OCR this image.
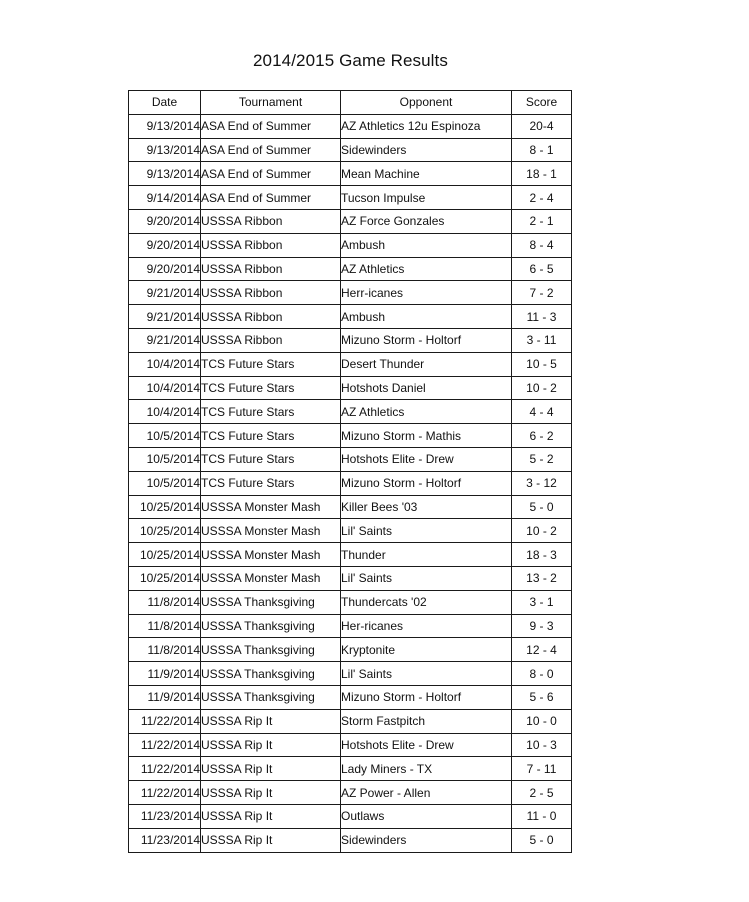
2014/2015 Game Results
Date	Tournament	Opponent	Score
9/13/2014	ASA End of Summer	AZ Athletics 12u Espinoza	20-4
9/13/2014	ASA End of Summer	Sidewinders	8 - 1
9/13/2014	ASA End of Summer	Mean Machine	18 - 1
9/14/2014	ASA End of Summer	Tucson Impulse	2 - 4
9/20/2014	USSSA Ribbon	AZ Force Gonzales	2 - 1
9/20/2014	USSSA Ribbon	Ambush	8 - 4
9/20/2014	USSSA Ribbon	AZ Athletics	6 - 5
9/21/2014	USSSA Ribbon	Herr-icanes	7 - 2
9/21/2014	USSSA Ribbon	Ambush	11 - 3
9/21/2014	USSSA Ribbon	Mizuno Storm - Holtorf	3 - 11
10/4/2014	TCS Future Stars	Desert Thunder	10 - 5
10/4/2014	TCS Future Stars	Hotshots Daniel	10 - 2
10/4/2014	TCS Future Stars	AZ Athletics	4 - 4
10/5/2014	TCS Future Stars	Mizuno Storm - Mathis	6 - 2
10/5/2014	TCS Future Stars	Hotshots Elite - Drew	5 - 2
10/5/2014	TCS Future Stars	Mizuno Storm - Holtorf	3 - 12
10/25/2014	USSSA Monster Mash	Killer Bees '03	5 - 0
10/25/2014	USSSA Monster Mash	Lil' Saints	10 - 2
10/25/2014	USSSA Monster Mash	Thunder	18 - 3
10/25/2014	USSSA Monster Mash	Lil' Saints	13 - 2
11/8/2014	USSSA Thanksgiving	Thundercats '02	3 - 1
11/8/2014	USSSA Thanksgiving	Her-ricanes	9 - 3
11/8/2014	USSSA Thanksgiving	Kryptonite	12 - 4
11/9/2014	USSSA Thanksgiving	Lil' Saints	8 - 0
11/9/2014	USSSA Thanksgiving	Mizuno Storm - Holtorf	5 - 6
11/22/2014	USSSA Rip It	Storm Fastpitch	10 - 0
11/22/2014	USSSA Rip It	Hotshots Elite - Drew	10 - 3
11/22/2014	USSSA Rip It	Lady Miners - TX	7 - 11
11/22/2014	USSSA Rip It	AZ Power - Allen	2 - 5
11/23/2014	USSSA Rip It	Outlaws	11 - 0
11/23/2014	USSSA Rip It	Sidewinders	5 - 0
